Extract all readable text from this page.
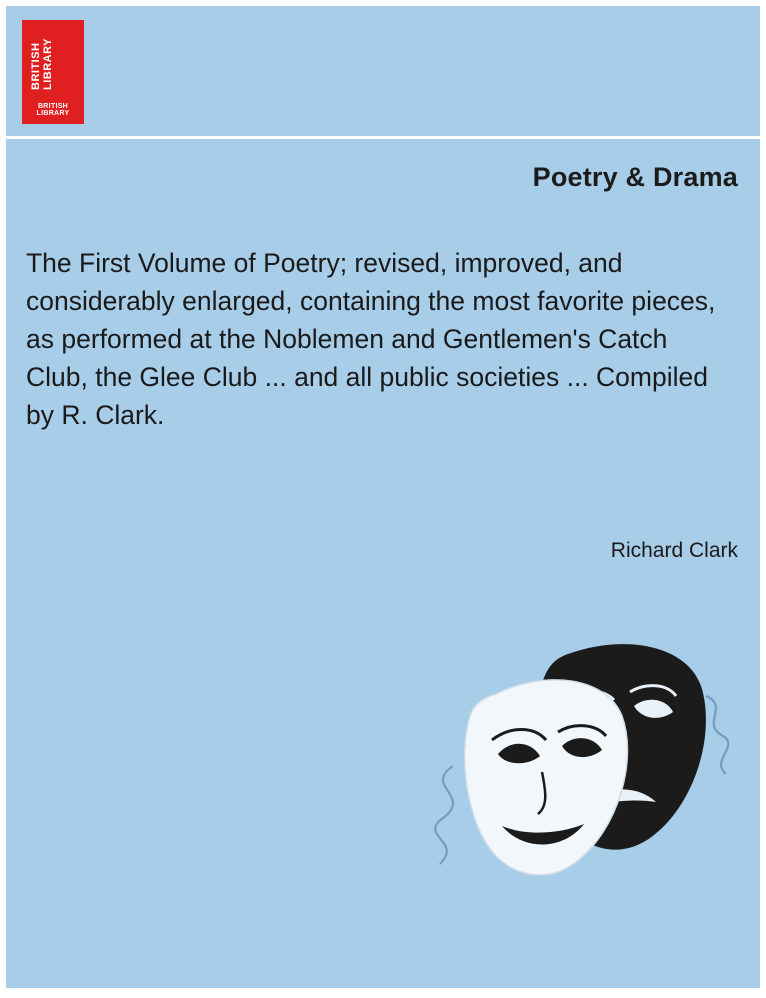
BRITISH
LIBRARY
BRITISH LIBRARY
Poetry & Drama
The First Volume of Poetry; revised, improved, and considerably enlarged, containing the most favorite pieces, as performed at the Noblemen and Gentlemen's Catch Club, the Glee Club ... and all public societies ... Compiled by R. Clark.
Richard Clark
